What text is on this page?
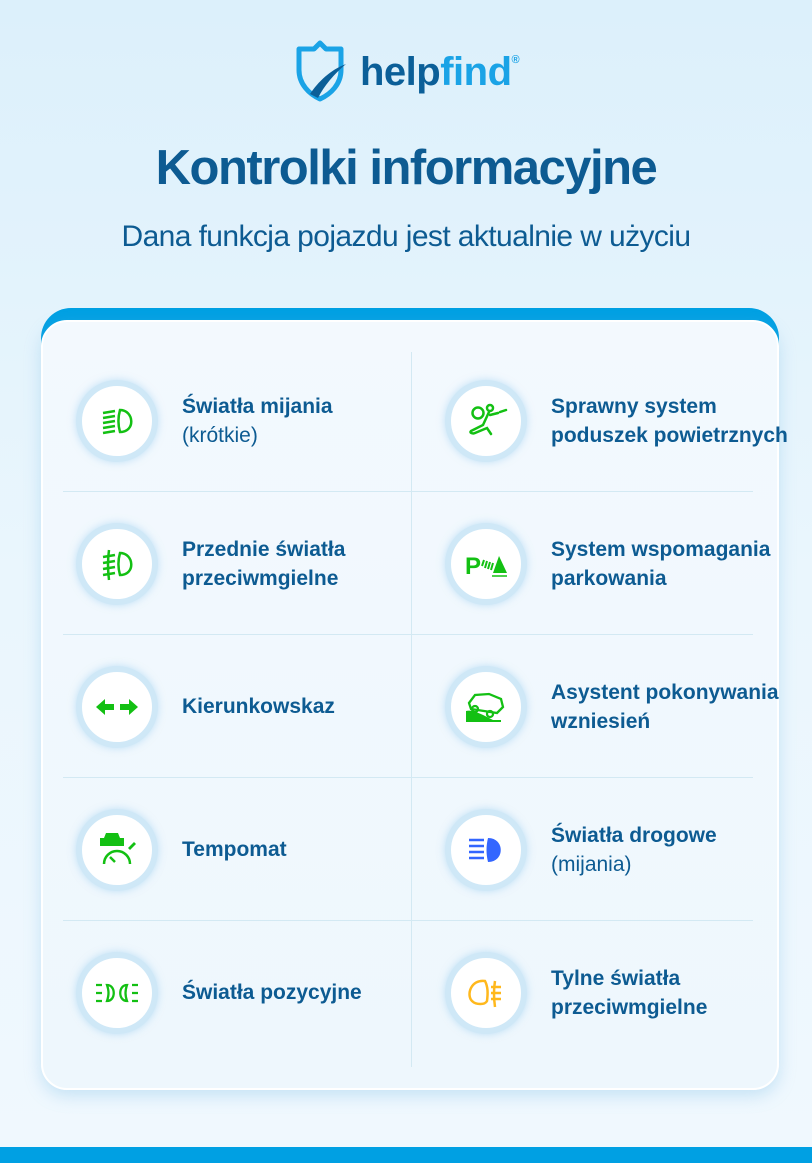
helpfind®
Kontrolki informacyjne
Dana funkcja pojazdu jest aktualnie w użyciu
Światła mijania
(krótkie)
Sprawny system poduszek powietrznych
Przednie światła przeciwmgielne	P
System wspomagania parkowania
Kierunkowskaz
Asystent pokonywania wzniesień
Tempomat
Światła drogowe
(mijania)
Światła pozycyjne
Tylne światła przeciwmgielne
